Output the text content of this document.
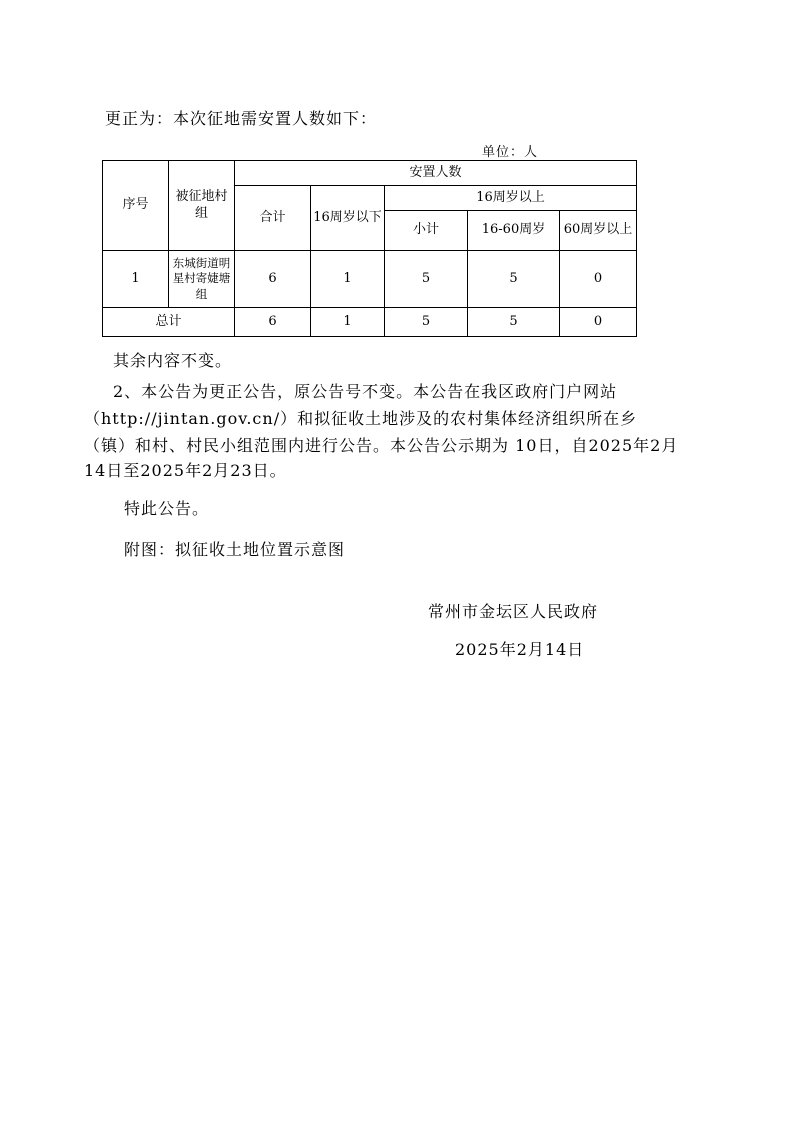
更正为：本次征地需安置人数如下：
单位：人
序号	被征地村组	安置人数				
		合计	16周岁以下	16周岁以上		
				小计	16-60周岁	60周岁以上
1	东城街道明星村寄婕塘组	6	1	5	5	0
总计		6	1	5	5	0
其余内容不变。
2、本公告为更正公告，原公告号不变。本公告在我区政府门户网站
（http://jintan.gov.cn/）和拟征收土地涉及的农村集体经济组织所在乡
（镇）和村、村民小组范围内进行公告。本公告公示期为 10日，自2025年2月
14日至2025年2月23日。
特此公告。
附图：拟征收土地位置示意图
常州市金坛区人民政府
2025年2月14日
